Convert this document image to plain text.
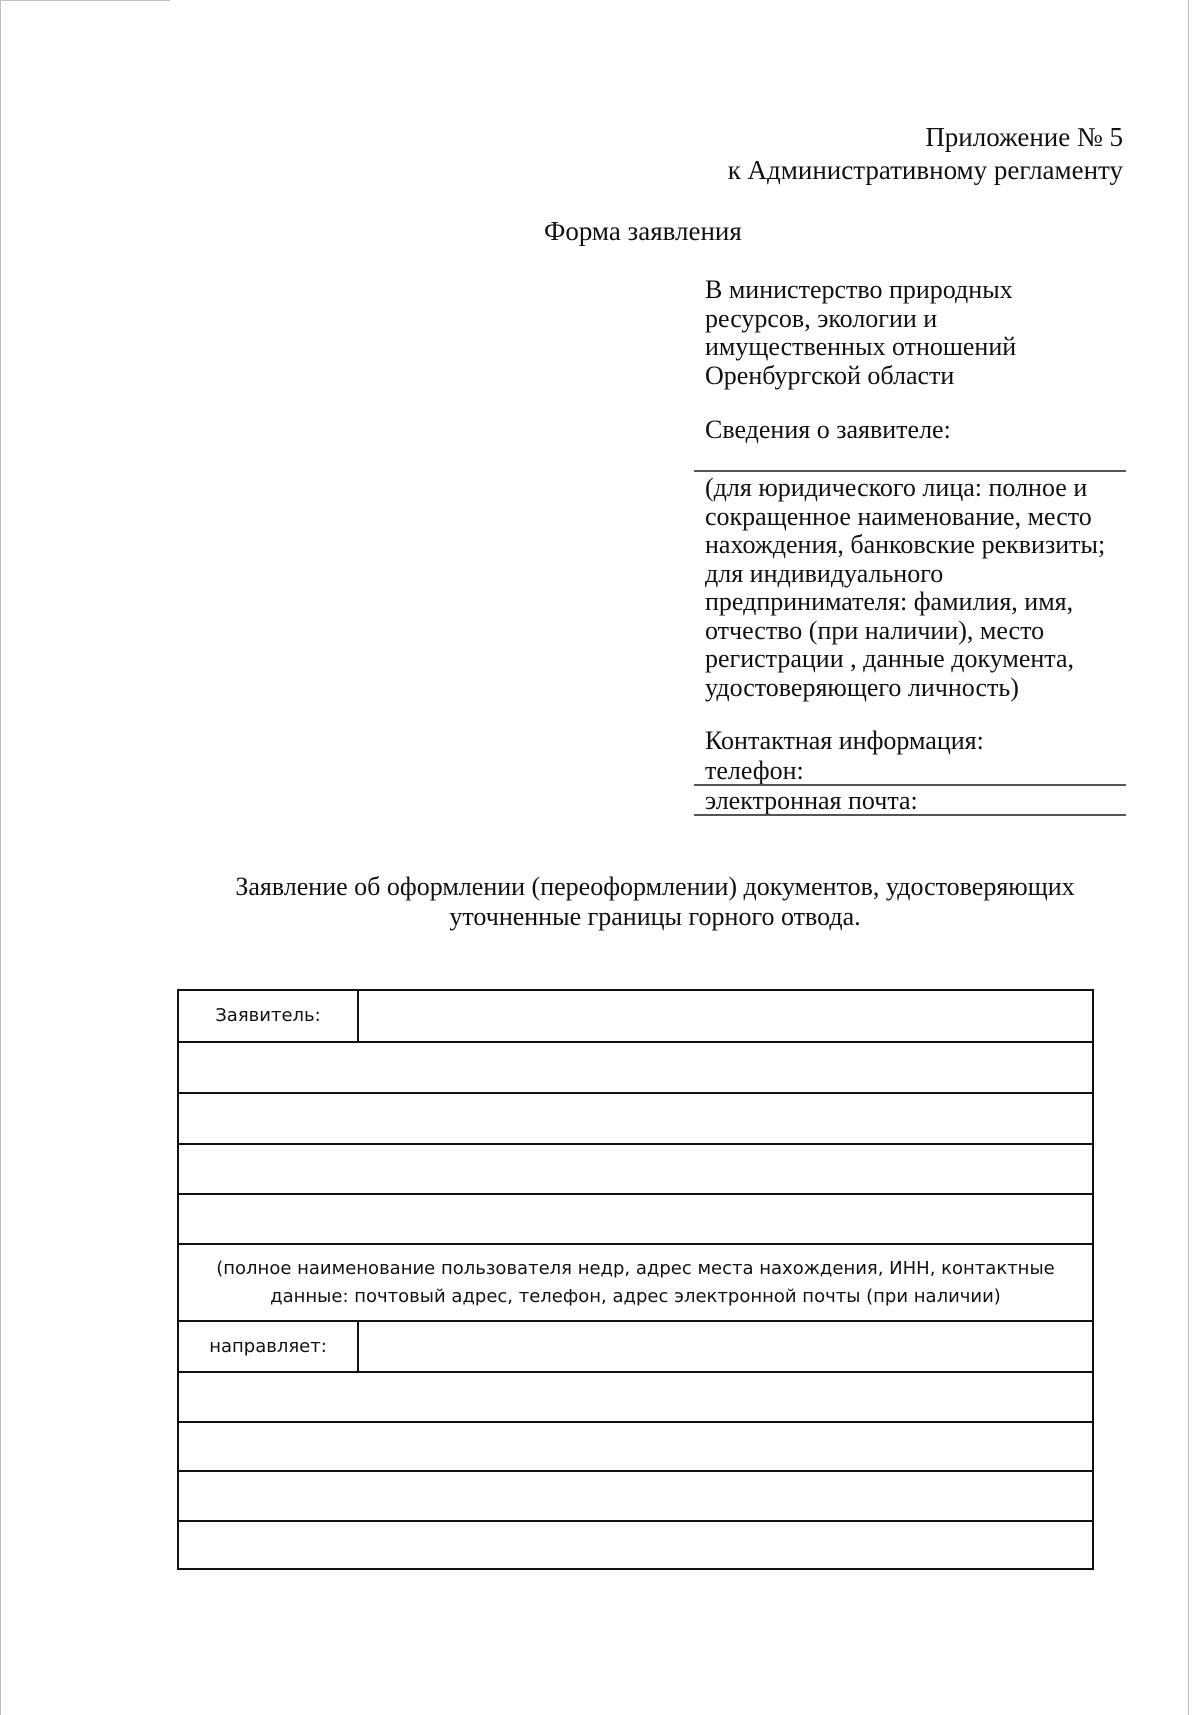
Приложение № 5
к Административному регламенту
Форма заявления
В министерство природных
ресурсов, экологии и
имущественных отношений
Оренбургской области
Сведения о заявителе:
(для юридического лица: полное и
сокращенное наименование, место
нахождения, банковские реквизиты;
для индивидуального
предпринимателя: фамилия, имя,
отчество (при наличии), место
регистрации , данные документа,
удостоверяющего личность)
Контактная информация:
телефон:
электронная почта:
Заявление об оформлении (переоформлении) документов, удостоверяющих
уточненные границы горного отвода.
Заявитель:
(полное наименование пользователя недр, адрес места нахождения, ИНН, контактные данные: почтовый адрес, телефон, адрес электронной почты (при наличии)
направляет:
